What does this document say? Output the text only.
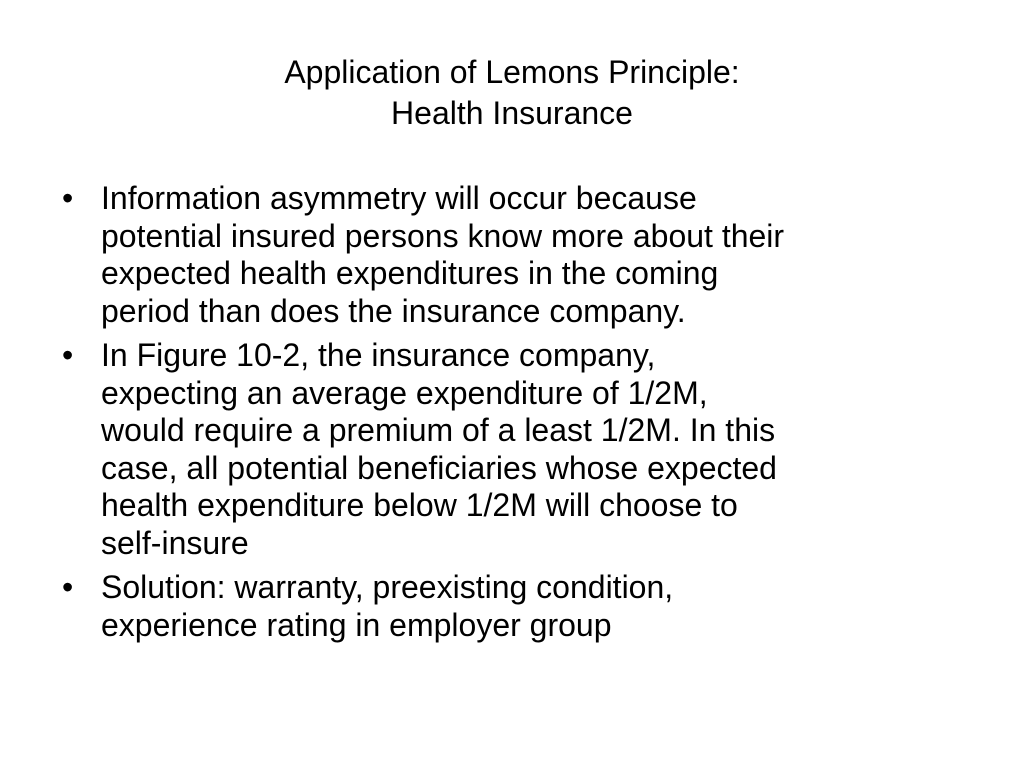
Application of Lemons Principle:
Health Insurance
• Information asymmetry will occur because
potential insured persons know more about their
expected health expenditures in the coming
period than does the insurance company.
• In Figure 10-2, the insurance company,
expecting an average expenditure of 1/2M,
would require a premium of a least 1/2M. In this
case, all potential beneficiaries whose expected
health expenditure below 1/2M will choose to
self-insure
• Solution: warranty, preexisting condition,
experience rating in employer group
